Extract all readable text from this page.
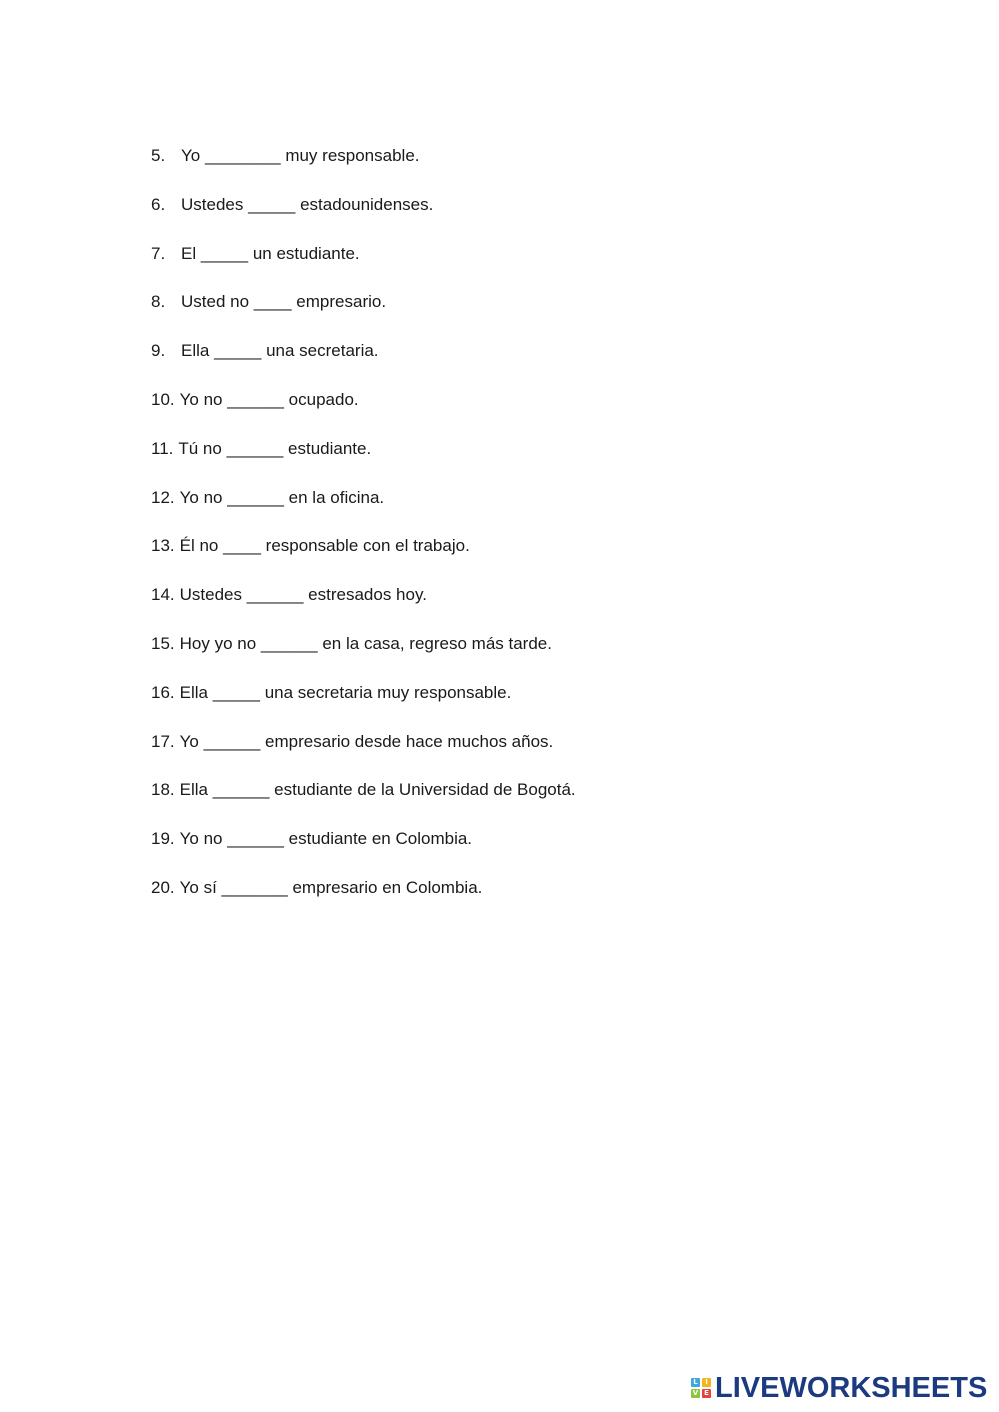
5. Yo ________ muy responsable.
6. Ustedes _____ estadounidenses.
7. El _____ un estudiante.
8. Usted no ____ empresario.
9. Ella _____ una secretaria.
10. Yo no ______ ocupado.
11. Tú no ______ estudiante.
12. Yo no ______ en la oficina.
13. Él no ____ responsable con el trabajo.
14. Ustedes ______ estresados hoy.
15. Hoy yo no ______ en la casa, regreso más tarde.
16. Ella _____ una secretaria muy responsable.
17. Yo ______ empresario desde hace muchos años.
18. Ella ______ estudiante de la Universidad de Bogotá.
19. Yo no ______ estudiante en Colombia.
20. Yo sí _______ empresario en Colombia.
L	I
V E LIVEWORKSHEETS
